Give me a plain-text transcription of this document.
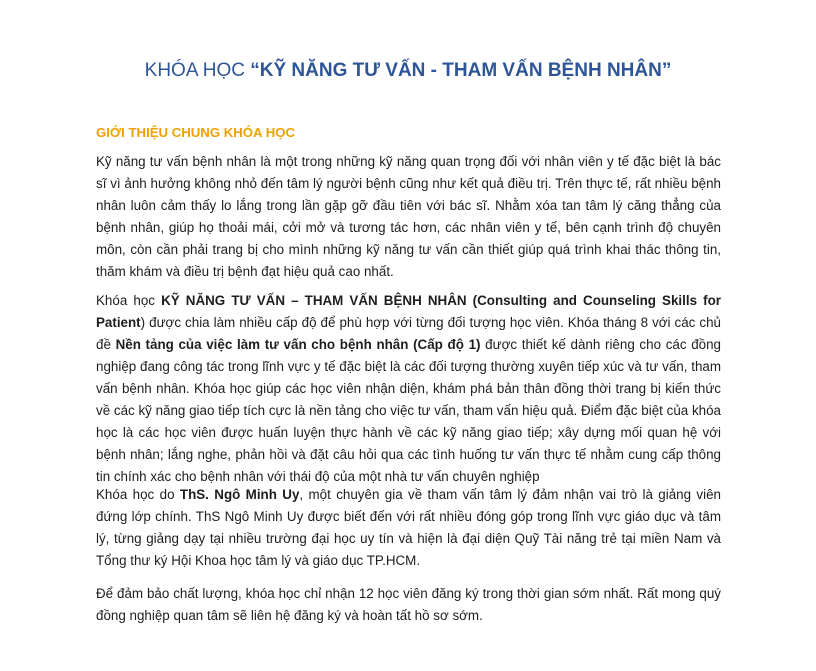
KHÓA HỌC “KỸ NĂNG TƯ VẤN - THAM VẤN BỆNH NHÂN”
GIỚI THIỆU CHUNG KHÓA HỌC
Kỹ năng tư vấn bệnh nhân là một trong những kỹ năng quan trọng đối với nhân viên y tế đặc biệt là bác sĩ vì ảnh hưởng không nhỏ đến tâm lý người bệnh cũng như kết quả điều trị. Trên thực tế, rất nhiều bệnh nhân luôn cảm thấy lo lắng trong lần gặp gỡ đầu tiên với bác sĩ. Nhằm xóa tan tâm lý căng thẳng của bệnh nhân, giúp họ thoải mái, cởi mở và tương tác hơn, các nhân viên y tế, bên cạnh trình độ chuyên môn, còn cần phải trang bị cho mình những kỹ năng tư vấn cần thiết giúp quá trình khai thác thông tin, thăm khám và điều trị bệnh đạt hiệu quả cao nhất.
Khóa học KỸ NĂNG TƯ VẤN – THAM VẤN BỆNH NHÂN (Consulting and Counseling Skills for Patient) được chia làm nhiều cấp độ để phù hợp với từng đối tượng học viên. Khóa tháng 8 với các chủ đề Nền tảng của việc làm tư vấn cho bệnh nhân (Cấp độ 1) được thiết kế dành riêng cho các đồng nghiệp đang công tác trong lĩnh vực y tế đặc biệt là các đối tượng thường xuyên tiếp xúc và tư vấn, tham vấn bệnh nhân. Khóa học giúp các học viên nhận diện, khám phá bản thân đồng thời trang bị kiến thức về các kỹ năng giao tiếp tích cực là nền tảng cho việc tư vấn, tham vấn hiệu quả. Điểm đặc biệt của khóa học là các học viên được huấn luyện thực hành về các kỹ năng giao tiếp; xây dựng mối quan hệ với bệnh nhân; lắng nghe, phản hồi và đặt câu hỏi qua các tình huống tư vấn thực tế nhằm cung cấp thông tin chính xác cho bệnh nhân với thái độ của một nhà tư vấn chuyên nghiệp
Khóa học do ThS. Ngô Minh Uy, một chuyên gia về tham vấn tâm lý đảm nhận vai trò là giảng viên đứng lớp chính. ThS Ngô Minh Uy được biết đến với rất nhiều đóng góp trong lĩnh vực giáo dục và tâm lý, từng giảng dạy tại nhiều trường đại học uy tín và hiện là đại diện Quỹ Tài năng trẻ tại miền Nam và Tổng thư ký Hội Khoa học tâm lý và giáo dục TP.HCM.
Để đảm bảo chất lượng, khóa học chỉ nhận 12 học viên đăng ký trong thời gian sớm nhất. Rất mong quý đồng nghiệp quan tâm sẽ liên hệ đăng ký và hoàn tất hồ sơ sớm.
